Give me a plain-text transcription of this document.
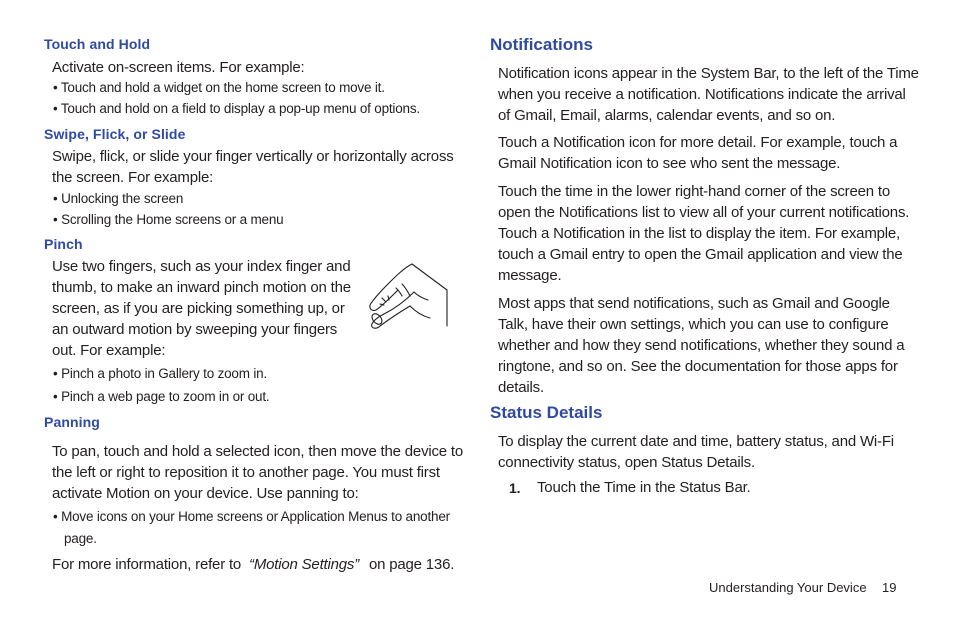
Touch and Hold
Activate on-screen items. For example:
• Touch and hold a widget on the home screen to move it.
• Touch and hold on a field to display a pop-up menu of options.
Swipe, Flick, or Slide
Swipe, flick, or slide your finger vertically or horizontally across
the screen. For example:
• Unlocking the screen
• Scrolling the Home screens or a menu
Pinch
Use two fingers, such as your index finger and
thumb, to make an inward pinch motion on the
screen, as if you are picking something up, or
an outward motion by sweeping your fingers
out. For example:
• Pinch a photo in Gallery to zoom in.
• Pinch a web page to zoom in or out.
Panning
To pan, touch and hold a selected icon, then move the device to
the left or right to reposition it to another page. You must first
activate Motion on your device. Use panning to:
• Move icons on your Home screens or Application Menus to another
page.
For more information, refer to “Motion Settings” on page 136.
Notifications
Notification icons appear in the System Bar, to the left of the Time
when you receive a notification. Notifications indicate the arrival
of Gmail, Email, alarms, calendar events, and so on.
Touch a Notification icon for more detail. For example, touch a
Gmail Notification icon to see who sent the message.
Touch the time in the lower right-hand corner of the screen to
open the Notifications list to view all of your current notifications.
Touch a Notification in the list to display the item. For example,
touch a Gmail entry to open the Gmail application and view the
message.
Most apps that send notifications, such as Gmail and Google
Talk, have their own settings, which you can use to configure
whether and how they send notifications, whether they sound a
ringtone, and so on. See the documentation for those apps for
details.
Status Details
To display the current date and time, battery status, and Wi-Fi
connectivity status, open Status Details.
1. Touch the Time in the Status Bar.
Understanding Your Device 19
